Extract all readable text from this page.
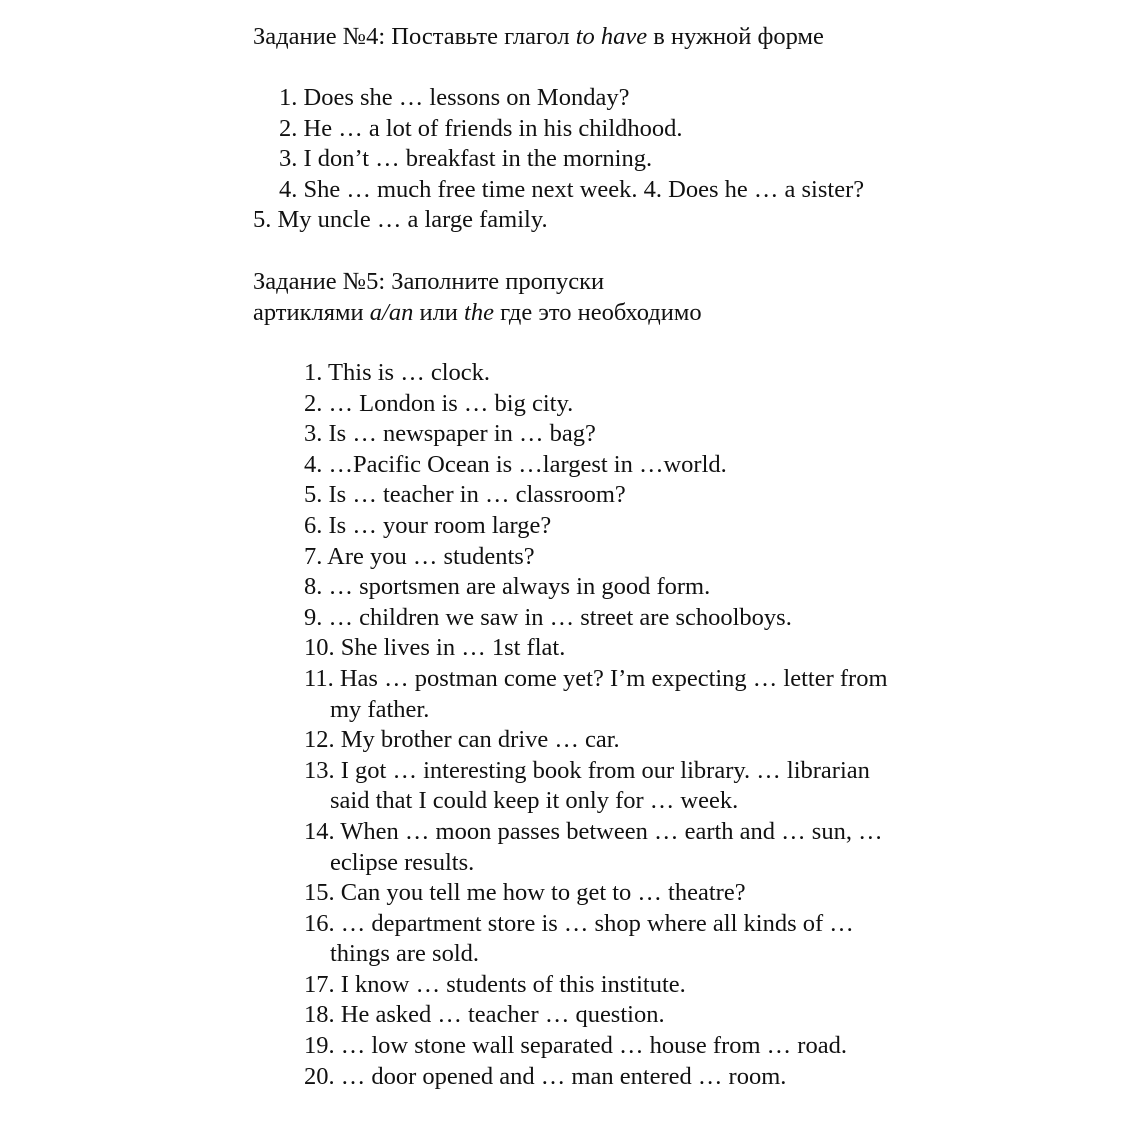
Задание №4: Поставьте глагол to have в нужной форме
1. Does she … lessons on Monday?
2. He … a lot of friends in his childhood.
3. I don’t … breakfast in the morning.
4. She … much free time next week. 4. Does he … a sister?
5. My uncle … a large family.
Задание №5: Заполните пропуски
артиклями a/an или the где это необходимо
1. This is … clock.
2. … London is … big city.
3. Is … newspaper in … bag?
4. …Pacific Ocean is …largest in …world.
5. Is … teacher in … classroom?
6. Is … your room large?
7. Are you … students?
8. … sportsmen are always in good form.
9. … children we saw in … street are schoolboys.
10. She lives in … 1st flat.
11. Has … postman come yet? I’m expecting … letter from
my father.
12. My brother can drive … car.
13. I got … interesting book from our library. … librarian
said that I could keep it only for … week.
14. When … moon passes between … earth and … sun, …
eclipse results.
15. Can you tell me how to get to … theatre?
16. … department store is … shop where all kinds of …
things are sold.
17. I know … students of this institute.
18. He asked … teacher … question.
19. … low stone wall separated … house from … road.
20. … door opened and … man entered … room.
